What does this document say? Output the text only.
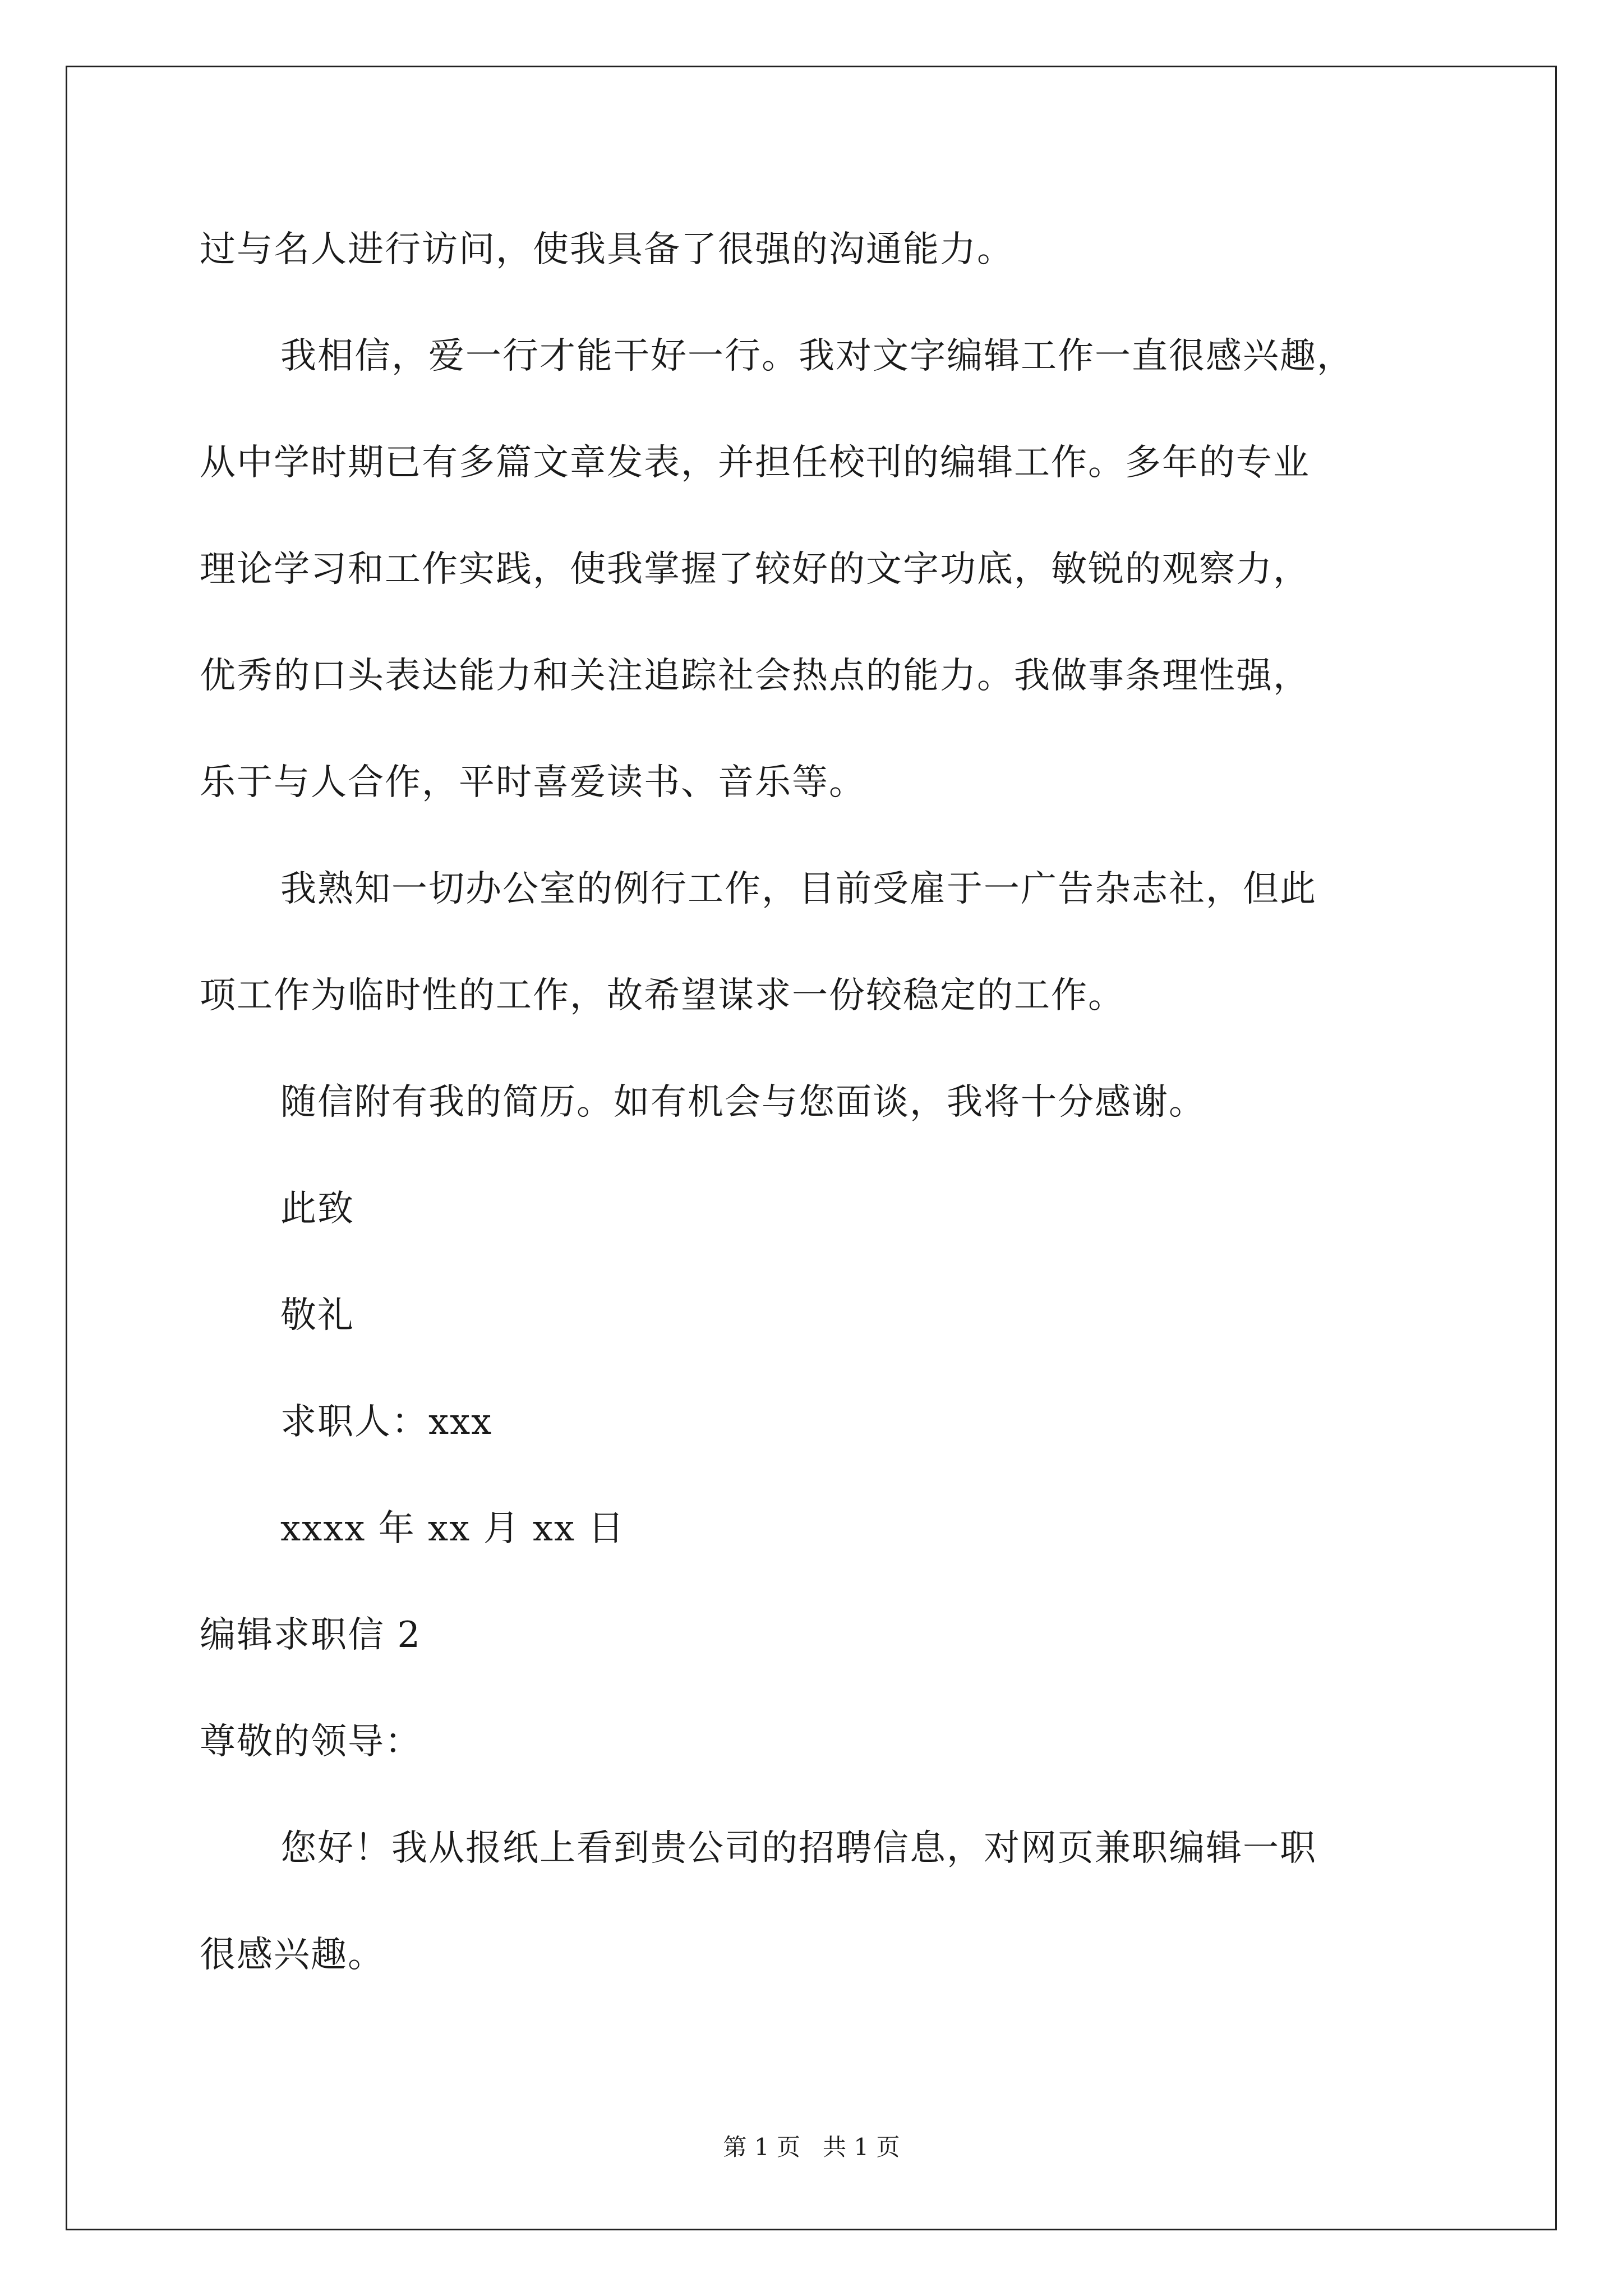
过与名人进行访问，使我具备了很强的沟通能力。
我相信，爱一行才能干好一行。我对文字编辑工作一直很感兴趣，
从中学时期已有多篇文章发表，并担任校刊的编辑工作。多年的专业
理论学习和工作实践，使我掌握了较好的文字功底，敏锐的观察力，
优秀的口头表达能力和关注追踪社会热点的能力。我做事条理性强，
乐于与人合作，平时喜爱读书、音乐等。
我熟知一切办公室的例行工作，目前受雇于一广告杂志社，但此
项工作为临时性的工作，故希望谋求一份较稳定的工作。
随信附有我的简历。如有机会与您面谈，我将十分感谢。
此致
敬礼
求职人：xxx
xxxx 年 xx 月 xx 日
编辑求职信 2
尊敬的领导：
您好！我从报纸上看到贵公司的招聘信息，对网页兼职编辑一职
很感兴趣。
第 1 页   共 1 页
